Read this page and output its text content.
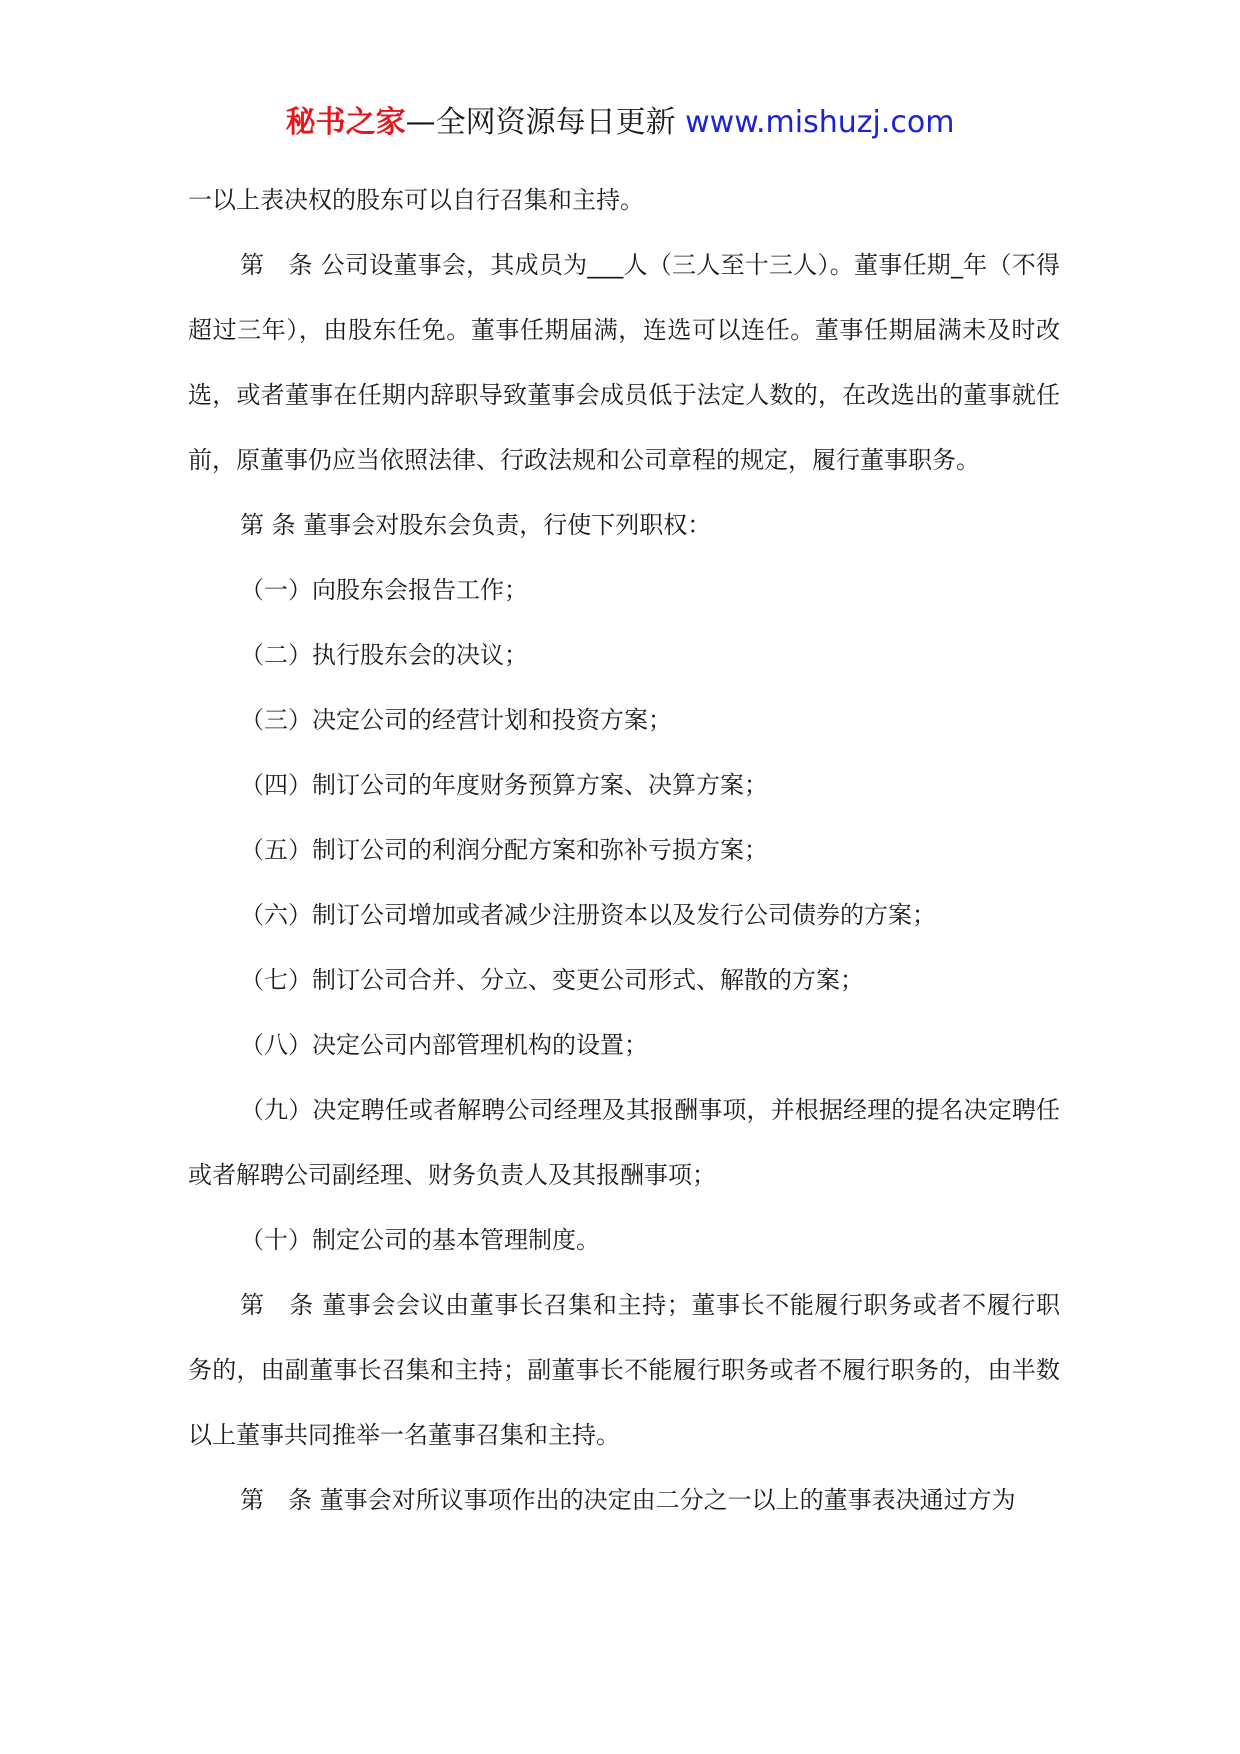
秘书之家—全网资源每日更新 www.mishuzj.com

一以上表决权的股东可以自行召集和主持。

第　条 公司设董事会，其成员为___人（三人至十三人）。董事任期_年（不得超过三年），由股东任免。董事任期届满，连选可以连任。董事任期届满未及时改选，或者董事在任期内辞职导致董事会成员低于法定人数的，在改选出的董事就任前，原董事仍应当依照法律、行政法规和公司章程的规定，履行董事职务。

第 条 董事会对股东会负责，行使下列职权：

（一）向股东会报告工作；

（二）执行股东会的决议；

（三）决定公司的经营计划和投资方案；

（四）制订公司的年度财务预算方案、决算方案；

（五）制订公司的利润分配方案和弥补亏损方案；

（六）制订公司增加或者减少注册资本以及发行公司债券的方案；

（七）制订公司合并、分立、变更公司形式、解散的方案；

（八）决定公司内部管理机构的设置；

（九）决定聘任或者解聘公司经理及其报酬事项，并根据经理的提名决定聘任或者解聘公司副经理、财务负责人及其报酬事项；

（十）制定公司的基本管理制度。

第　条 董事会会议由董事长召集和主持；董事长不能履行职务或者不履行职务的，由副董事长召集和主持；副董事长不能履行职务或者不履行职务的，由半数以上董事共同推举一名董事召集和主持。

第　条 董事会对所议事项作出的决定由二分之一以上的董事表决通过方为
